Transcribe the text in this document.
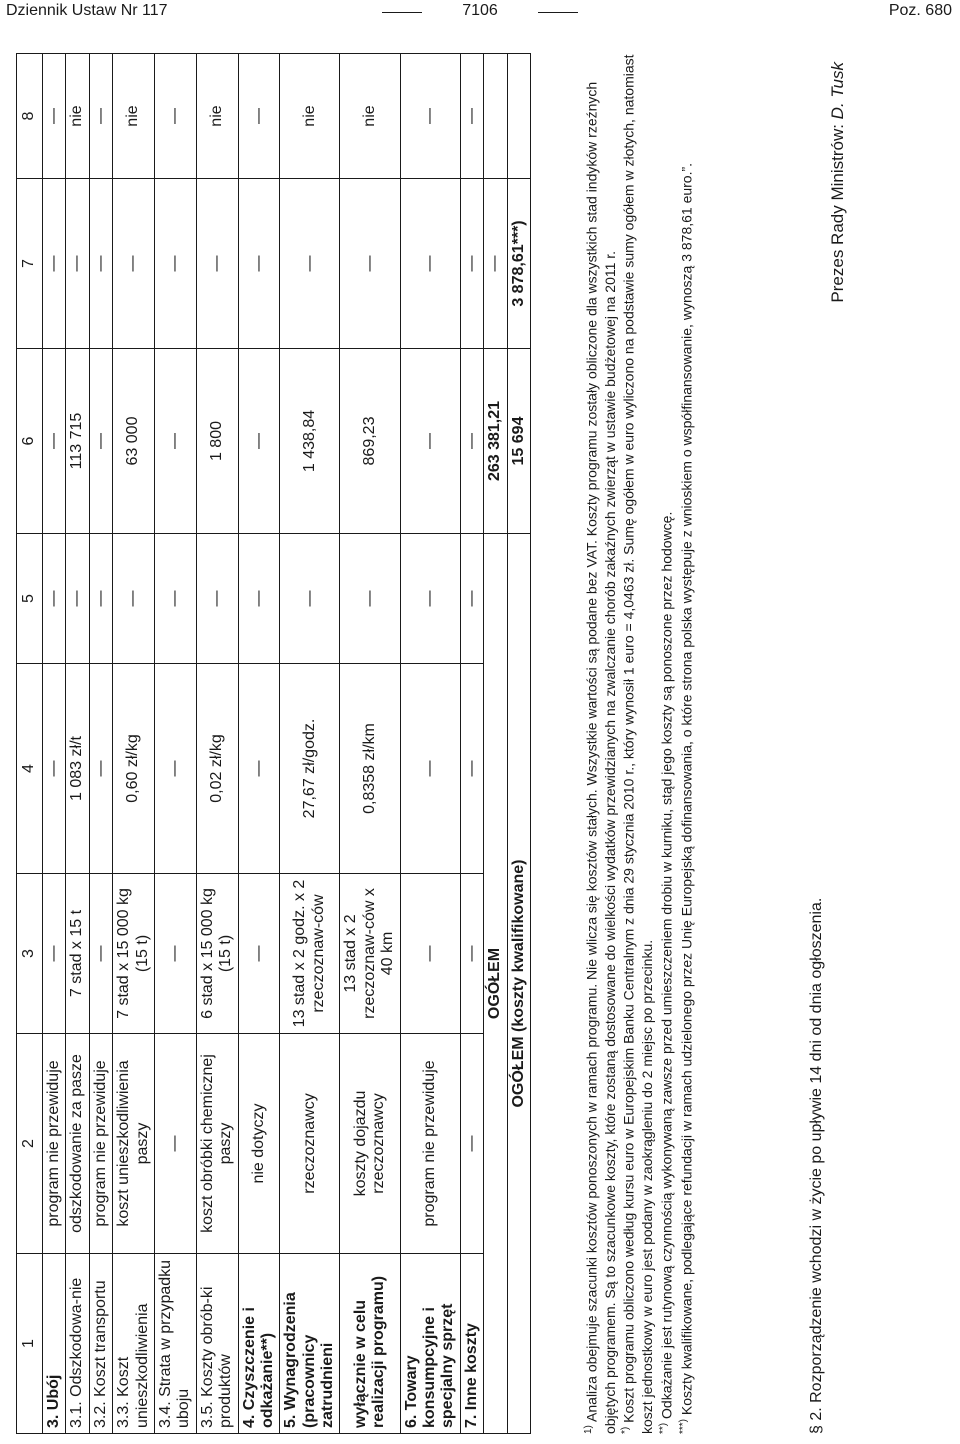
Dziennik Ustaw Nr 117	7106	Poz. 680
1	2	3	4	5	6	7	8
3. Ubój	program nie przewiduje	—	—	—	—	—	—
3.1. Odszkodowa-nie	odszkodowanie za pasze	7 stad x 15 t	1 083 zł/t	—	113 715	—	nie
3.2. Koszt transportu	program nie przewiduje	—	—	—	—	—	—
3.3. Koszt unieszkodliwienia	koszt unieszkodliwienia paszy	7 stad x 15 000 kg (15 t)	0,60 zł/kg	—	63 000	—	nie
3.4. Strata w przypadku uboju	—	—	—	—	—	—	—
3.5. Koszty obrób-ki produktów	koszt obróbki chemicznej paszy	6 stad x 15 000 kg (15 t)	0,02 zł/kg	—	1 800	—	nie
4. Czyszczenie i odkażanie**)	nie dotyczy	—	—	—	—	—	—
5. Wynagrodzenia (pracownicy zatrudnieni	rzeczoznawcy	13 stad x 2 godz. x 2 rzeczoznaw-ców	27,67 zł/godz.	—	1 438,84	—	nie
wyłącznie w celu realizacji programu)	koszty dojazdu rzeczoznawcy	13 stad x 2 rzeczoznaw-ców x 40 km	0,8358 zł/km	—	869,23	—	nie
6. Towary konsumpcyjne i specjalny sprzęt	program nie przewiduje	—	—	—	—	—	—
7. Inne koszty	—	—	—	—	—	—	—
OGÓŁEM					263 381,21	—	
OGÓŁEM (koszty kwalifikowane)					15 694	3 878,61***)	

$^{1)}$ Analiza obejmuje szacunki kosztów ponoszonych w ramach programu. Nie wlicza się kosztów stałych. Wszystkie wartości są podane bez VAT. Koszty programu zostały obliczone dla wszystkich stad indyków rzeźnych objętych programem. Są to szacunkowe koszty, które zostaną dostosowane do wielkości wydatków przewidzianych na zwalczanie chorób zakaźnych zwierząt w ustawie budżetowej na 2011 r. *) Koszt programu obliczono według kursu euro w Europejskim Banku Centralnym z dnia 29 stycznia 2010 r., który wynosił 1 euro = 4,0463 zł. Sumę ogółem w euro wyliczono na podstawie sumy ogółem w złotych, natomiast koszt jednostkowy w euro jest podany w zaokrągleniu do 2 miejsc po przecinku. **) Odkażanie jest rutynową czynnością wykonywaną zawsze przed umieszczeniem drobiu w kurniku, stąd jego koszty są ponoszone przez hodowcę.

***) Koszty kwalifikowane, podlegające refundacji w ramach udzielonego przez Unię Europejską dofinansowania, o które strona polska występuje z wnioskiem o współfinansowanie, wynoszą 3 878,61 euro.”.	§ 2. Rozporządzenie wchodzi w życie po upływie 14 dni od dnia ogłoszenia.
Prezes Rady Ministrów: D. Tusk
